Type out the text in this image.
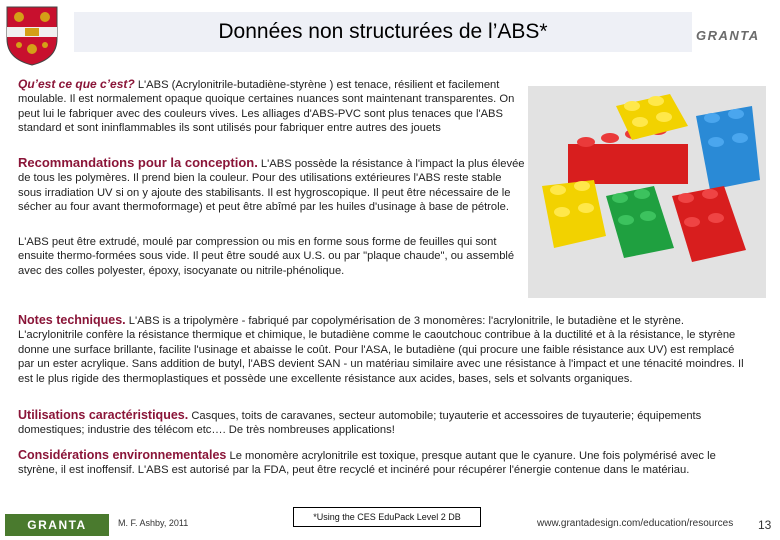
Données non structurées de l’ABS*	GRANTA
Qu’est ce que c’est? L'ABS (Acrylonitrile-butadiène-styrène ) est tenace, résilient et facilement moulable. Il est normalement opaque quoique certaines nuances sont maintenant transparentes. On peut lui le fabriquer avec des couleurs vives. Les alliages d'ABS-PVC sont plus tenaces que l'ABS standard et sont ininflammables ils sont utilisés pour fabriquer entre autres des jouets
Recommandations pour la conception. L'ABS possède la résistance à l'impact la plus élevée de tous les polymères. Il prend bien la couleur. Pour des utilisations extérieures l'ABS reste stable sous irradiation UV si on y ajoute des stabilisants. Il est hygroscopique. Il peut être nécessaire de le sécher au four avant thermoformage) et peut être abîmé par les huiles d'usinage à base de pétrole.
L'ABS peut être extrudé, moulé par compression ou mis en forme sous forme de feuilles qui sont ensuite thermo-formées sous vide. Il peut être soudé aux U.S. ou par "plaque chaude", ou assemblé avec des colles polyester, époxy, isocyanate ou nitrile-phénolique.
Notes techniques. L'ABS is a tripolymère - fabriqué par copolymérisation de 3 monomères: l'acrylonitrile, le butadiène et le styrène. L'acrylonitrile confère la résistance thermique et chimique, le butadiène comme le caoutchouc contribue à la ductilité et à la résistance, le styrène donne une surface brillante, facilite l'usinage et abaisse le coût. Pour l'ASA, le butadiène (qui procure une faible résistance aux UV) est remplacé par un ester acrylique. Sans addition de butyl, l'ABS devient SAN - un matériau similaire avec une résistance à l'impact et une ténacité moindres. Il est le plus rigide des thermoplastiques et possède une excellente résistance aux acides, bases, sels et solvants organiques.
Utilisations caractéristiques. Casques, toits de caravanes, secteur automobile; tuyauterie et accessoires de tuyauterie; équipements domestiques; industrie des télécom etc…. De très nombreuses applications!
Considérations environnementales Le monomère acrylonitrile est toxique, presque autant que le cyanure. Une fois polymérisé avec le styrène, il est inoffensif. L'ABS est autorisé par la FDA, peut être recyclé et incinéré pour récupérer l'énergie contenue dans le matériau.
GRANTA	M. F. Ashby, 2011
*Using the CES EduPack Level 2 DB
www.grantadesign.com/education/resources 13
